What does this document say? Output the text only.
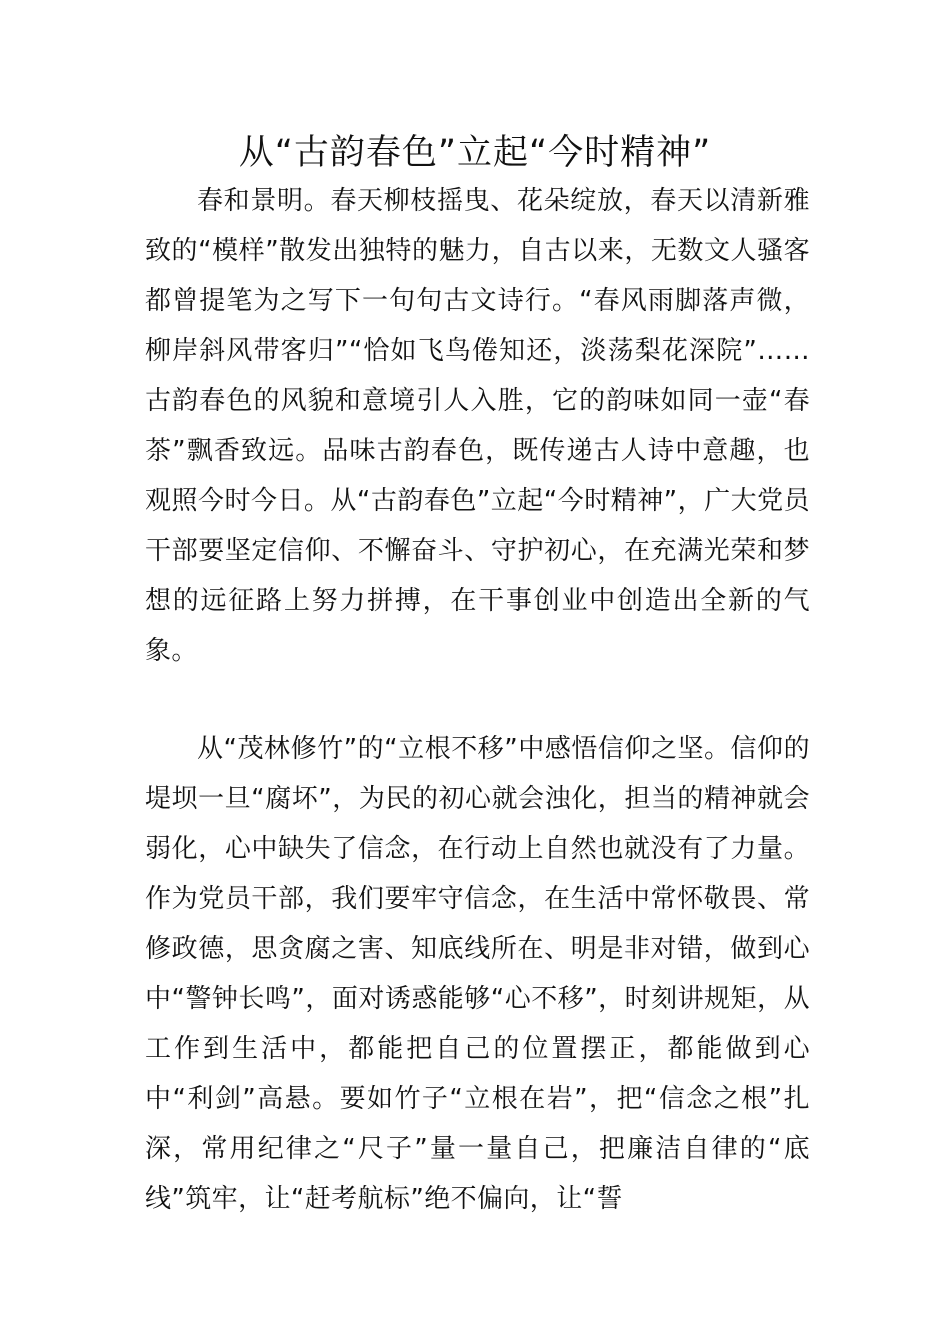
从“古韵春色”立起“今时精神”

春和景明。春天柳枝摇曳、花朵绽放，春天以清新雅致的“模样”散发出独特的魅力，自古以来，无数文人骚客都曾提笔为之写下一句句古文诗行。“春风雨脚落声微，柳岸斜风带客归”“恰如飞鸟倦知还，淡荡梨花深院”……古韵春色的风貌和意境引人入胜，它的韵味如同一壶“春茶”飘香致远。品味古韵春色，既传递古人诗中意趣，也观照今时今日。从“古韵春色”立起“今时精神”，广大党员干部要坚定信仰、不懈奋斗、守护初心，在充满光荣和梦想的远征路上努力拼搏，在干事创业中创造出全新的气象。

从“茂林修竹”的“立根不移”中感悟信仰之坚。信仰的堤坝一旦“腐坏”，为民的初心就会浊化，担当的精神就会弱化，心中缺失了信念，在行动上自然也就没有了力量。作为党员干部，我们要牢守信念，在生活中常怀敬畏、常修政德，思贪腐之害、知底线所在、明是非对错，做到心中“警钟长鸣”，面对诱惑能够“心不移”，时刻讲规矩，从工作到生活中，都能把自己的位置摆正，都能做到心中“利剑”高悬。要如竹子“立根在岩”，把“信念之根”扎深，常用纪律之“尺子”量一量自己，把廉洁自律的“底线”筑牢，让“赶考航标”绝不偏向，让“誓
